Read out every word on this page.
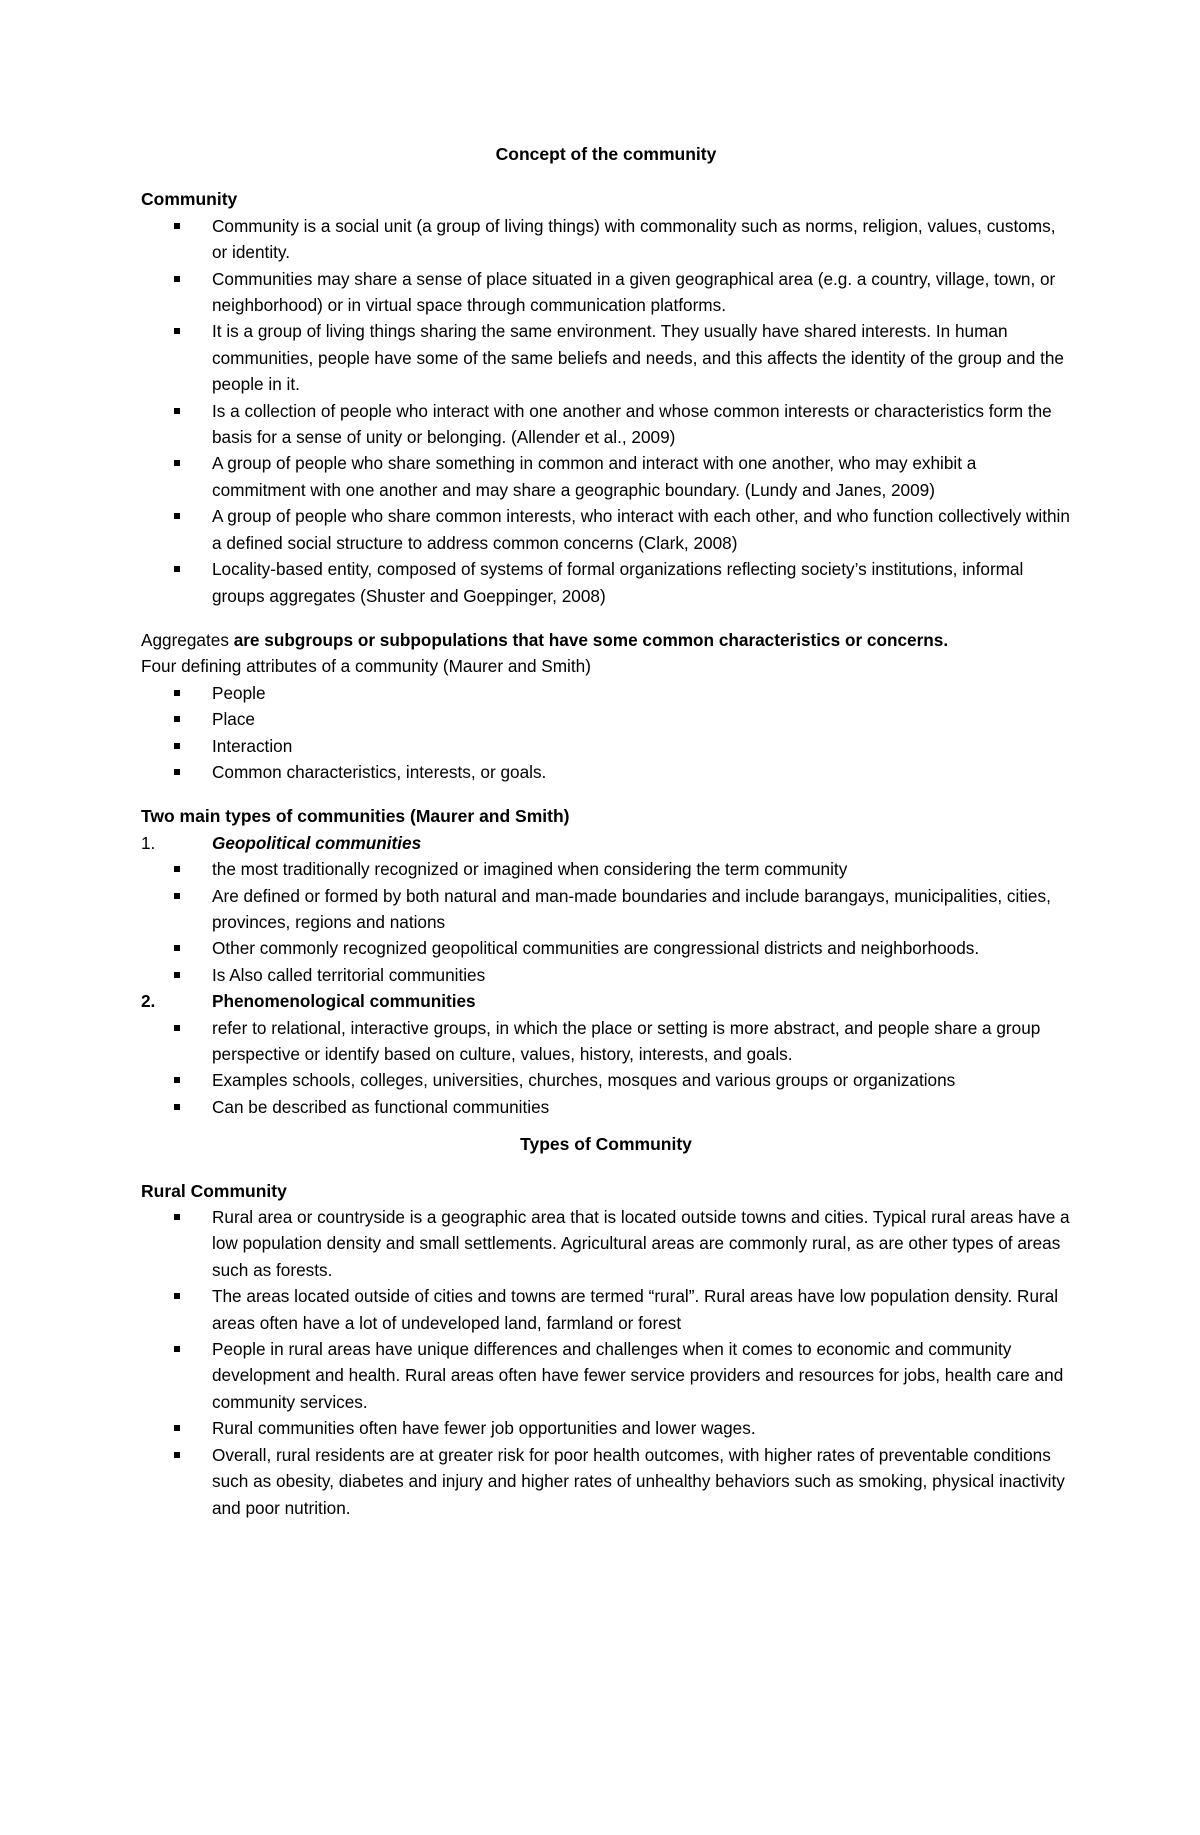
Concept of the community
Community
Community is a social unit (a group of living things) with commonality such as norms, religion, values, customs, or identity.
Communities may share a sense of place situated in a given geographical area (e.g. a country, village, town, or neighborhood) or in virtual space through communication platforms.
It is a group of living things sharing the same environment. They usually have shared interests. In human communities, people have some of the same beliefs and needs, and this affects the identity of the group and the people in it.
Is a collection of people who interact with one another and whose common interests or characteristics form the basis for a sense of unity or belonging. (Allender et al., 2009)
A group of people who share something in common and interact with one another, who may exhibit a commitment with one another and may share a geographic boundary. (Lundy and Janes, 2009)
A group of people who share common interests, who interact with each other, and who function collectively within a defined social structure to address common concerns (Clark, 2008)
Locality-based entity, composed of systems of formal organizations reflecting society’s institutions, informal groups aggregates (Shuster and Goeppinger, 2008)
Aggregates are subgroups or subpopulations that have some common characteristics or concerns.
Four defining attributes of a community (Maurer and Smith)
People
Place
Interaction
Common characteristics, interests, or goals.
Two main types of communities (Maurer and Smith)
1.	Geopolitical communities
the most traditionally recognized or imagined when considering the term community
Are defined or formed by both natural and man-made boundaries and include barangays, municipalities, cities, provinces, regions and nations
Other commonly recognized geopolitical communities are congressional districts and neighborhoods.
Is Also called territorial communities
2.	Phenomenological communities
refer to relational, interactive groups, in which the place or setting is more abstract, and people share a group perspective or identify based on culture, values, history, interests, and goals.
Examples schools, colleges, universities, churches, mosques and various groups or organizations
Can be described as functional communities
Types of Community
Rural Community
Rural area or countryside is a geographic area that is located outside towns and cities. Typical rural areas have a low population density and small settlements. Agricultural areas are commonly rural, as are other types of areas such as forests.
The areas located outside of cities and towns are termed “rural”. Rural areas have low population density. Rural areas often have a lot of undeveloped land, farmland or forest
People in rural areas have unique differences and challenges when it comes to economic and community development and health. Rural areas often have fewer service providers and resources for jobs, health care and community services.
Rural communities often have fewer job opportunities and lower wages.
Overall, rural residents are at greater risk for poor health outcomes, with higher rates of preventable conditions such as obesity, diabetes and injury and higher rates of unhealthy behaviors such as smoking, physical inactivity and poor nutrition.
